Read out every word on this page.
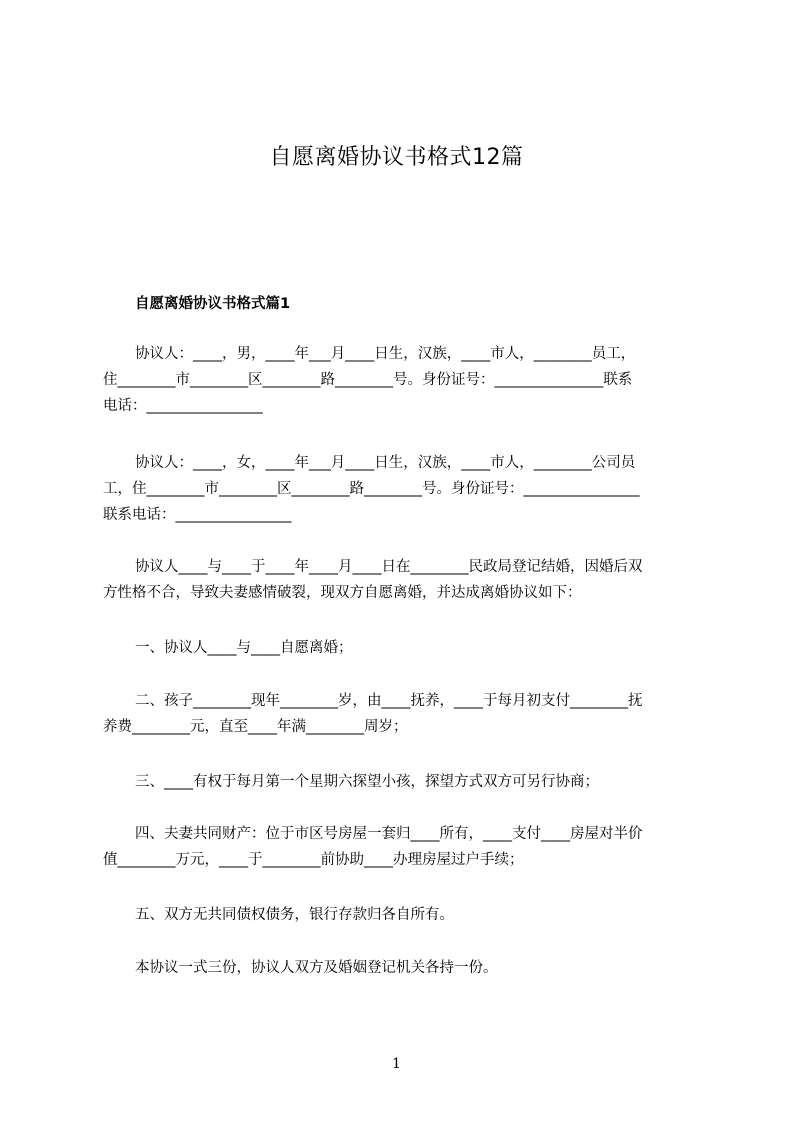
自愿离婚协议书格式12篇
自愿离婚协议书格式篇1
协议人：____，男，____年___月____日生，汉族，____市人，________员工，
住________市________区________路________号。身份证号：_______________联系
电话：________________
协议人：____，女，____年___月____日生，汉族，____市人，________公司员
工，住________市________区________路________号。身份证号：________________
联系电话：________________
协议人____与____于____年____月____日在________民政局登记结婚，因婚后双
方性格不合，导致夫妻感情破裂，现双方自愿离婚，并达成离婚协议如下：
一、协议人____与____自愿离婚；
二、孩子________现年________岁，由____抚养，____于每月初支付________抚
养费________元，直至____年满________周岁；
三、____有权于每月第一个星期六探望小孩，探望方式双方可另行协商；
四、夫妻共同财产：位于市区号房屋一套归____所有，____支付____房屋对半价
值________万元，____于________前协助____办理房屋过户手续；
五、双方无共同债权债务，银行存款归各自所有。
本协议一式三份，协议人双方及婚姻登记机关各持一份。
1
